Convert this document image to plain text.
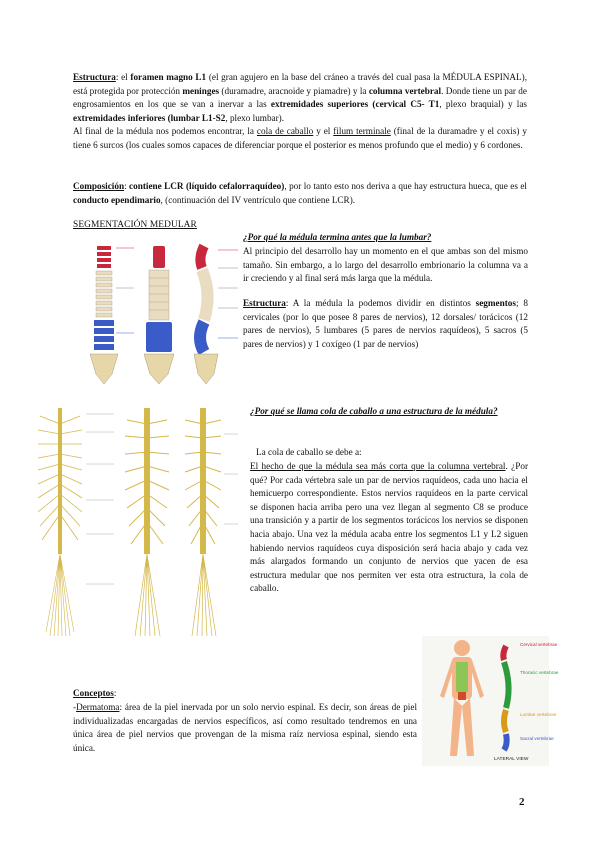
Estructura: el foramen magno L1 (el gran agujero en la base del cráneo a través del cual pasa la MÉDULA ESPINAL), está protegida por protección meninges (duramadre, aracnoide y piamadre) y la columna vertebral. Donde tiene un par de engrosamientos en los que se van a inervar a las extremidades superiores (cervical C5- T1, plexo braquial) y las extremidades inferiores (lumbar L1-S2, plexo lumbar).

Al final de la médula nos podemos encontrar, la cola de caballo y el filum terminale (final de la duramadre y el coxis) y tiene 6 surcos (los cuales somos capaces de diferenciar porque el posterior es menos profundo que el medio) y 6 cordones.

Composición: contiene LCR (líquido cefalorraquídeo), por lo tanto esto nos deriva a que hay estructura hueca, que es el conducto ependimario, (continuación del IV ventrículo que contiene LCR).

SEGMENTACIÓN MEDULAR

¿Por qué la médula termina antes que la lumbar?

Al principio del desarrollo hay un momento en el que ambas son del mismo tamaño. Sin embargo, a lo largo del desarrollo embrionario la columna va a ir creciendo y al final será más larga que la médula.

Estructura: A la médula la podemos dividir en distintos segmentos; 8 cervicales (por lo que posee 8 pares de nervios), 12 dorsales/ torácicos (12 pares de nervios), 5 lumbares (5 pares de nervios raquídeos), 5 sacros (5 pares de nervios) y 1 coxígeo (1 par de nervios)

¿Por qué se llama cola de caballo a una estructura de la médula?

La cola de caballo se debe a:

El hecho de que la médula sea más corta que la columna vertebral. ¿Por qué? Por cada vértebra sale un par de nervios raquídeos, cada uno hacia el hemicuerpo correspondiente. Estos nervios raquídeos en la parte cervical se disponen hacia arriba pero una vez llegan al segmento C8 se produce una transición y a partir de los segmentos torácicos los nervios se disponen hacia abajo. Una vez la médula acaba entre los segmentos L1 y L2 siguen habiendo nervios raquídeos cuya disposición será hacia abajo y cada vez más alargados formando un conjunto de nervios que yacen de esa estructura medular que nos permiten ver esta otra estructura, la cola de caballo.

Cervical vertebrae
Thoracic vertebrae
Lumbar vertebrae
Sacral vertebrae
LATERAL VIEW

Conceptos:

-Dermatoma: área de la piel inervada por un solo nervio espinal. Es decir, son áreas de piel individualizadas encargadas de nervios específicos, así como resultado tendremos en una única área de piel nervios que provengan de la misma raíz nerviosa espinal, siendo esta única.

2
